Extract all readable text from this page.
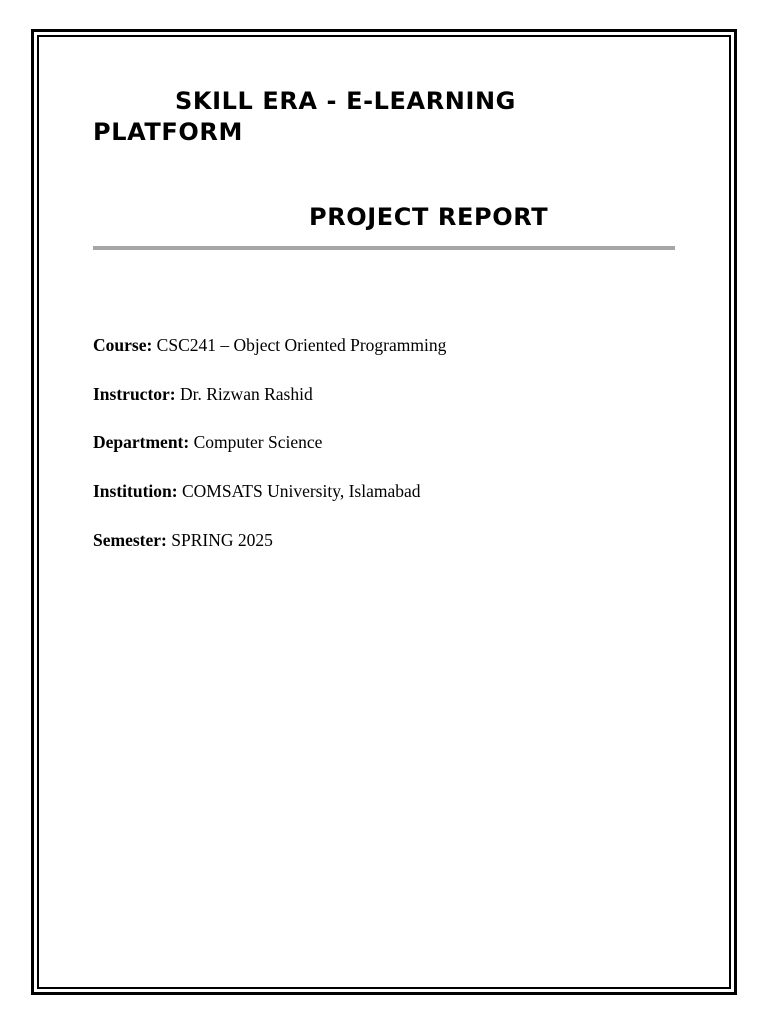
SKILL ERA - E-LEARNING PLATFORM
PROJECT REPORT

Course: CSC241 – Object Oriented Programming

Instructor: Dr. Rizwan Rashid

Department: Computer Science

Institution: COMSATS University, Islamabad

Semester: SPRING 2025
